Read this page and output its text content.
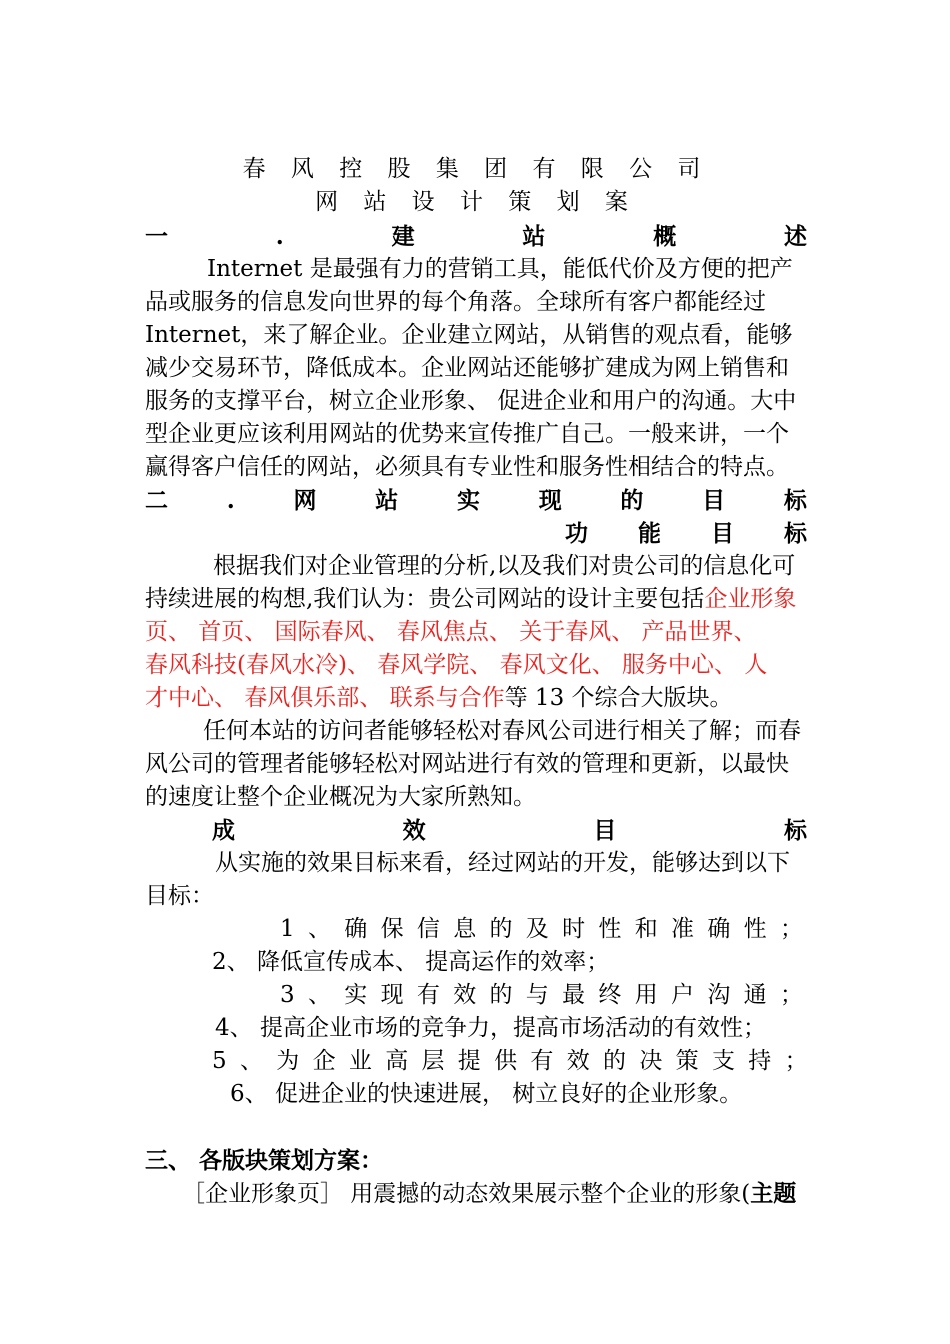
春 风 控 股 集 团 有 限 公 司
网 站 设 计 策 划 案
一	.	建	站	概	述
Internet 是最强有力的营销工具，能低代价及方便的把产
品或服务的信息发向世界的每个角落。全球所有客户都能经过
Internet，来了解企业。企业建立网站，从销售的观点看，能够
减少交易环节，降低成本。企业网站还能够扩建成为网上销售和
服务的支撑平台，树立企业形象、 促进企业和用户的沟通。大中
型企业更应该利用网站的优势来宣传推广自己。一般来讲，一个
赢得客户信任的网站，必须具有专业性和服务性相结合的特点。
二	.	网	站	实	现	的	目	标
功 能 目 标
根据我们对企业管理的分析,以及我们对贵公司的信息化可
持续进展的构想,我们认为：贵公司网站的设计主要包括企业形象
页、 首页、 国际春风、 春风焦点、 关于春风、 产品世界、
春风科技(春风水冷)、 春风学院、 春风文化、 服务中心、 人
才中心、 春风俱乐部、 联系与合作等 13 个综合大版块。
任何本站的访问者能够轻松对春风公司进行相关了解；而春
风公司的管理者能够轻松对网站进行有效的管理和更新，以最快
的速度让整个企业概况为大家所熟知。
成	效	目	标
从实施的效果目标来看，经过网站的开发，能够达到以下
目标：
1 、 确 保 信 息 的 及 时 性 和 准 确 性 ；
2、 降低宣传成本、 提高运作的效率；
3 、 实 现 有 效 的 与 最 终 用 户 沟 通 ；
4、 提高企业市场的竞争力，提高市场活动的有效性；
5 、 为 企 业 高 层 提 供 有 效 的 决 策 支 持 ；
6、 促进企业的快速进展， 树立良好的企业形象。
三、 各版块策划方案：
［企业形象页］ 用震撼的动态效果展示整个企业的形象(主题
